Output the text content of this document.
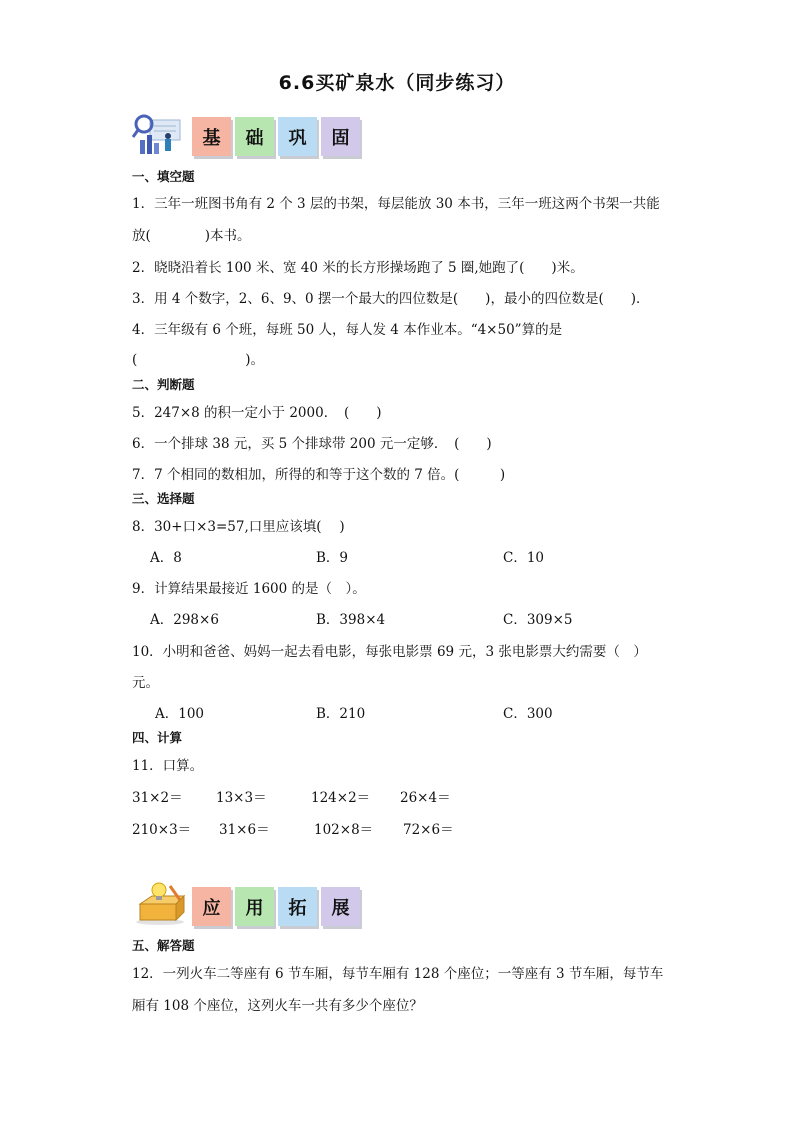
6.6买矿泉水（同步练习）
基	础	巩	固
一、填空题
1．三年一班图书角有 2 个 3 层的书架，每层能放 30 本书，三年一班这两个书架一共能
放(　　　　)本书。
2．晓晓沿着长 100 米、宽 40 米的长方形操场跑了 5 圈,她跑了(　　)米。
3．用 4 个数字，2、6、9、0 摆一个最大的四位数是(　　)，最小的四位数是(　　)．
4．三年级有 6 个班，每班 50 人，每人发 4 本作业本。“4×50”算的是
(　　　　　　　　)。
二、判断题
5．247×8 的积一定小于 2000．　(　　)
6．一个排球 38 元，买 5 个排球带 200 元一定够．　(　　)
7．7 个相同的数相加，所得的和等于这个数的 7 倍。(　　　)
三、选择题
8．30+口×3=57,口里应该填(　 )
A．8	B．9	C．10
9．计算结果最接近 1600 的是（　）。
A．298×6	B．398×4	C．309×5
10．小明和爸爸、妈妈一起去看电影，每张电影票 69 元，3 张电影票大约需要（　）
元。
A．100	B．210	C．300
四、计算
11．口算。
31×2＝ 13×3＝	124×2＝ 26×4＝
210×3＝ 31×6＝	102×8＝ 72×6＝
应	用	拓	展
五、解答题
12．一列火车二等座有 6 节车厢，每节车厢有 128 个座位；一等座有 3 节车厢，每节车
厢有 108 个座位，这列火车一共有多少个座位？
